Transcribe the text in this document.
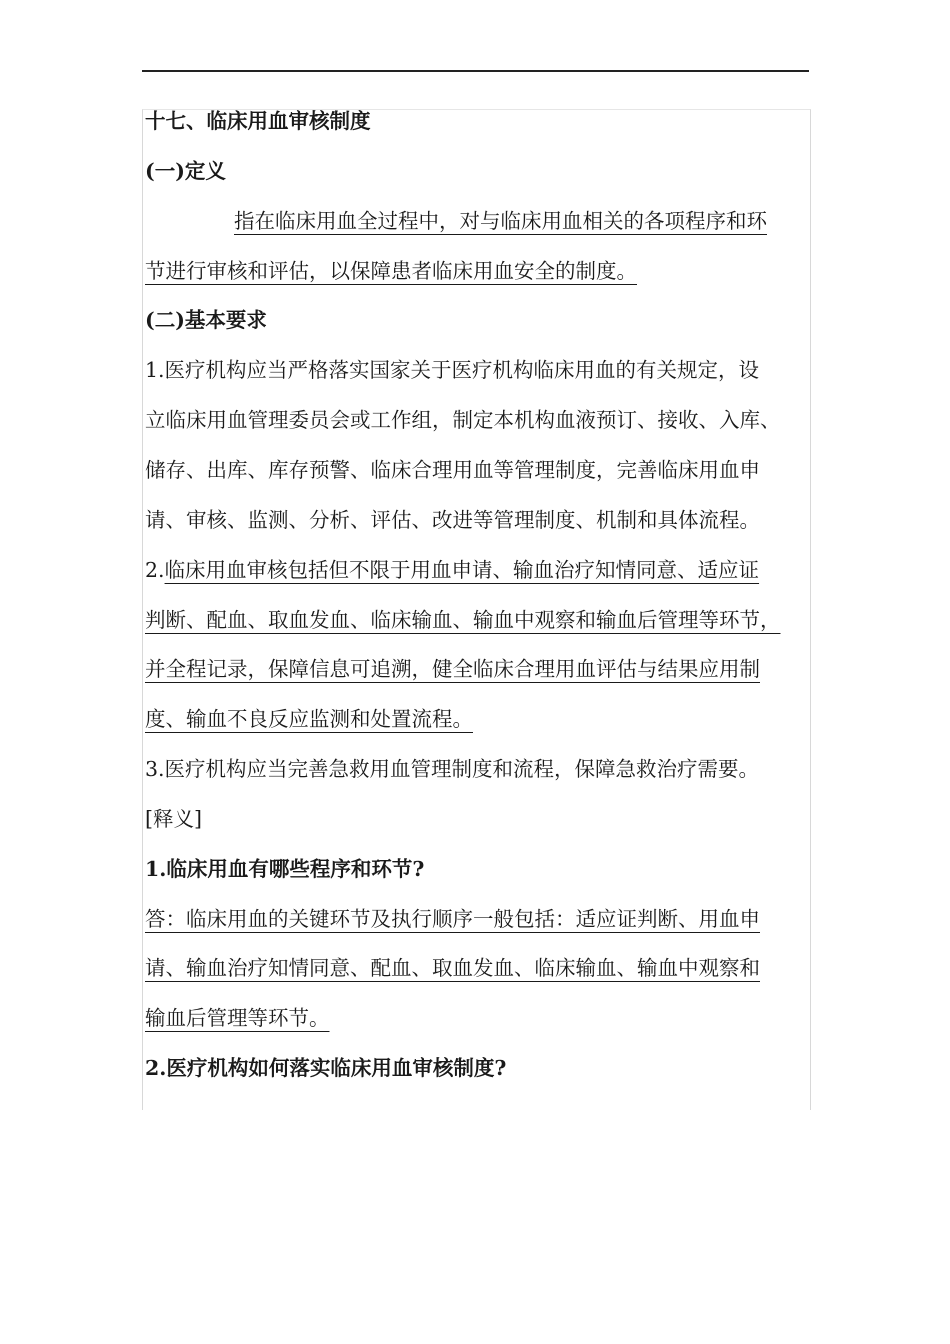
十七、临床用血审核制度
(一)定义
指在临床用血全过程中，对与临床用血相关的各项程序和环
节进行审核和评估，以保障患者临床用血安全的制度。
(二)基本要求
1.医疗机构应当严格落实国家关于医疗机构临床用血的有关规定，设
立临床用血管理委员会或工作组，制定本机构血液预订、接收、入库、
储存、出库、库存预警、临床合理用血等管理制度，完善临床用血申
请、审核、监测、分析、评估、改进等管理制度、机制和具体流程。
2.临床用血审核包括但不限于用血申请、输血治疗知情同意、适应证
判断、配血、取血发血、临床输血、输血中观察和输血后管理等环节，
并全程记录，保障信息可追溯，健全临床合理用血评估与结果应用制
度、输血不良反应监测和处置流程。
3.医疗机构应当完善急救用血管理制度和流程，保障急救治疗需要。
[释义]
1.临床用血有哪些程序和环节?
答：临床用血的关键环节及执行顺序一般包括：适应证判断、用血申
请、输血治疗知情同意、配血、取血发血、临床输血、输血中观察和
输血后管理等环节。
2.医疗机构如何落实临床用血审核制度?
